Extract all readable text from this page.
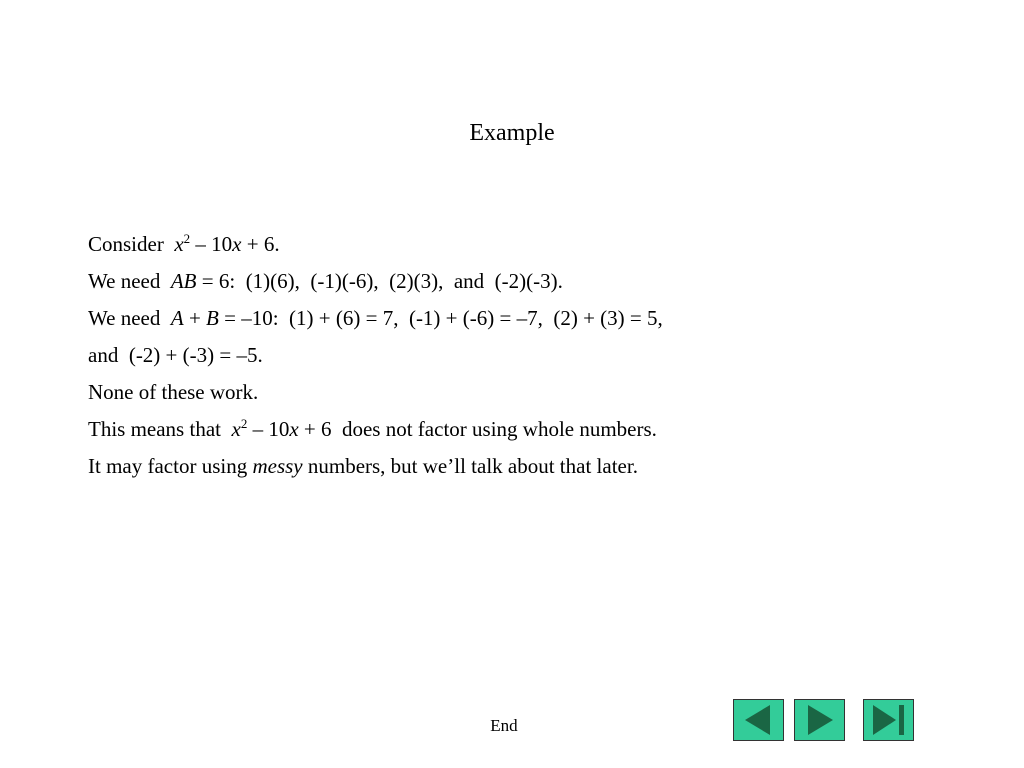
Example
Consider  $x^2 - 10x + 6$.
We need  AB = 6:  (1)(6),  (-1)(-6),  (2)(3),  and  (-2)(-3).
We need  A + B = –10:  (1) + (6) = 7,  (-1) + (-6) = –7,  (2) + (3) = 5,
and  (-2) + (-3) = –5.
None of these work.
This means that  $x^2 - 10x + 6$  does not factor using whole numbers.
It may factor using messy numbers, but we’ll talk about that later.
End
